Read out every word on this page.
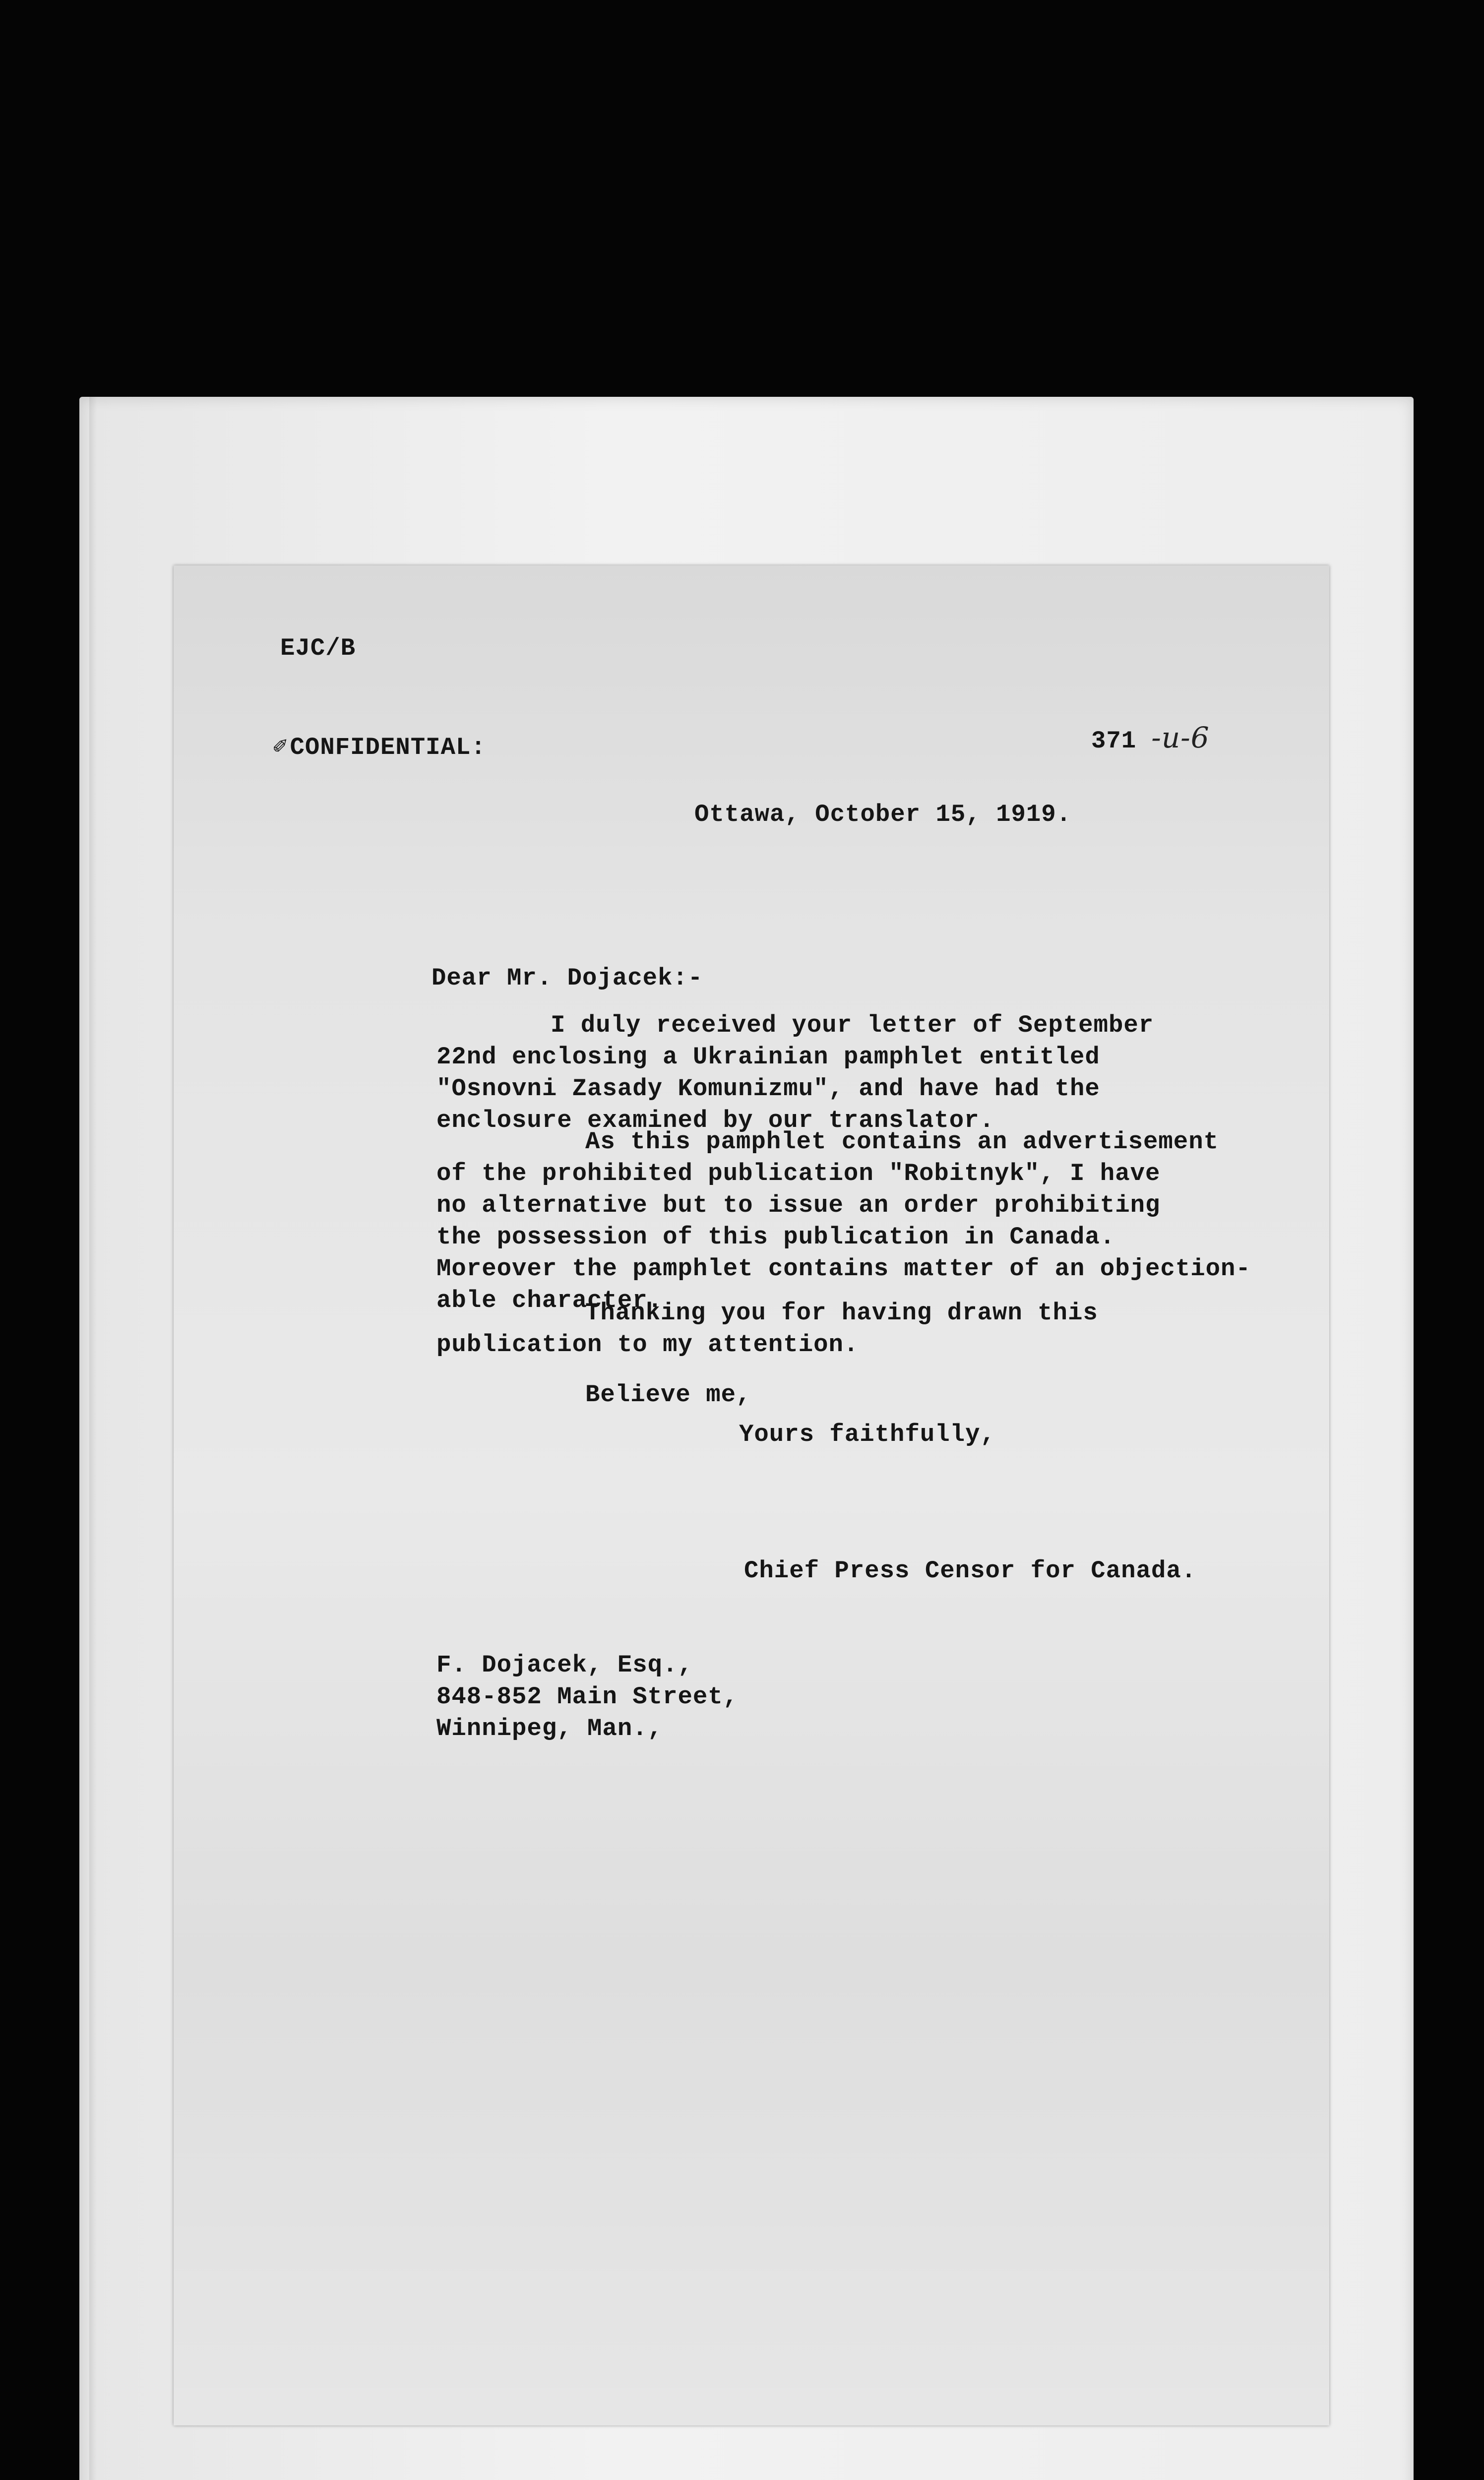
EJC/B
✐CONFIDENTIAL:	371 -u-6
Ottawa, October 15, 1919.
Dear Mr. Dojacek:-
I duly received your letter of September
22nd enclosing a Ukrainian pamphlet entitled
"Osnovni Zasady Komunizmu", and have had the
enclosure examined by our translator.
As this pamphlet contains an advertisement
of the prohibited publication "Robitnyk", I have
no alternative but to issue an order prohibiting
the possession of this publication in Canada.
Moreover the pamphlet contains matter of an objection-
able character.
Thanking you for having drawn this
publication to my attention.
Believe me,
Yours faithfully,
Chief Press Censor for Canada.
F. Dojacek, Esq.,
848-852 Main Street,
Winnipeg, Man.,
